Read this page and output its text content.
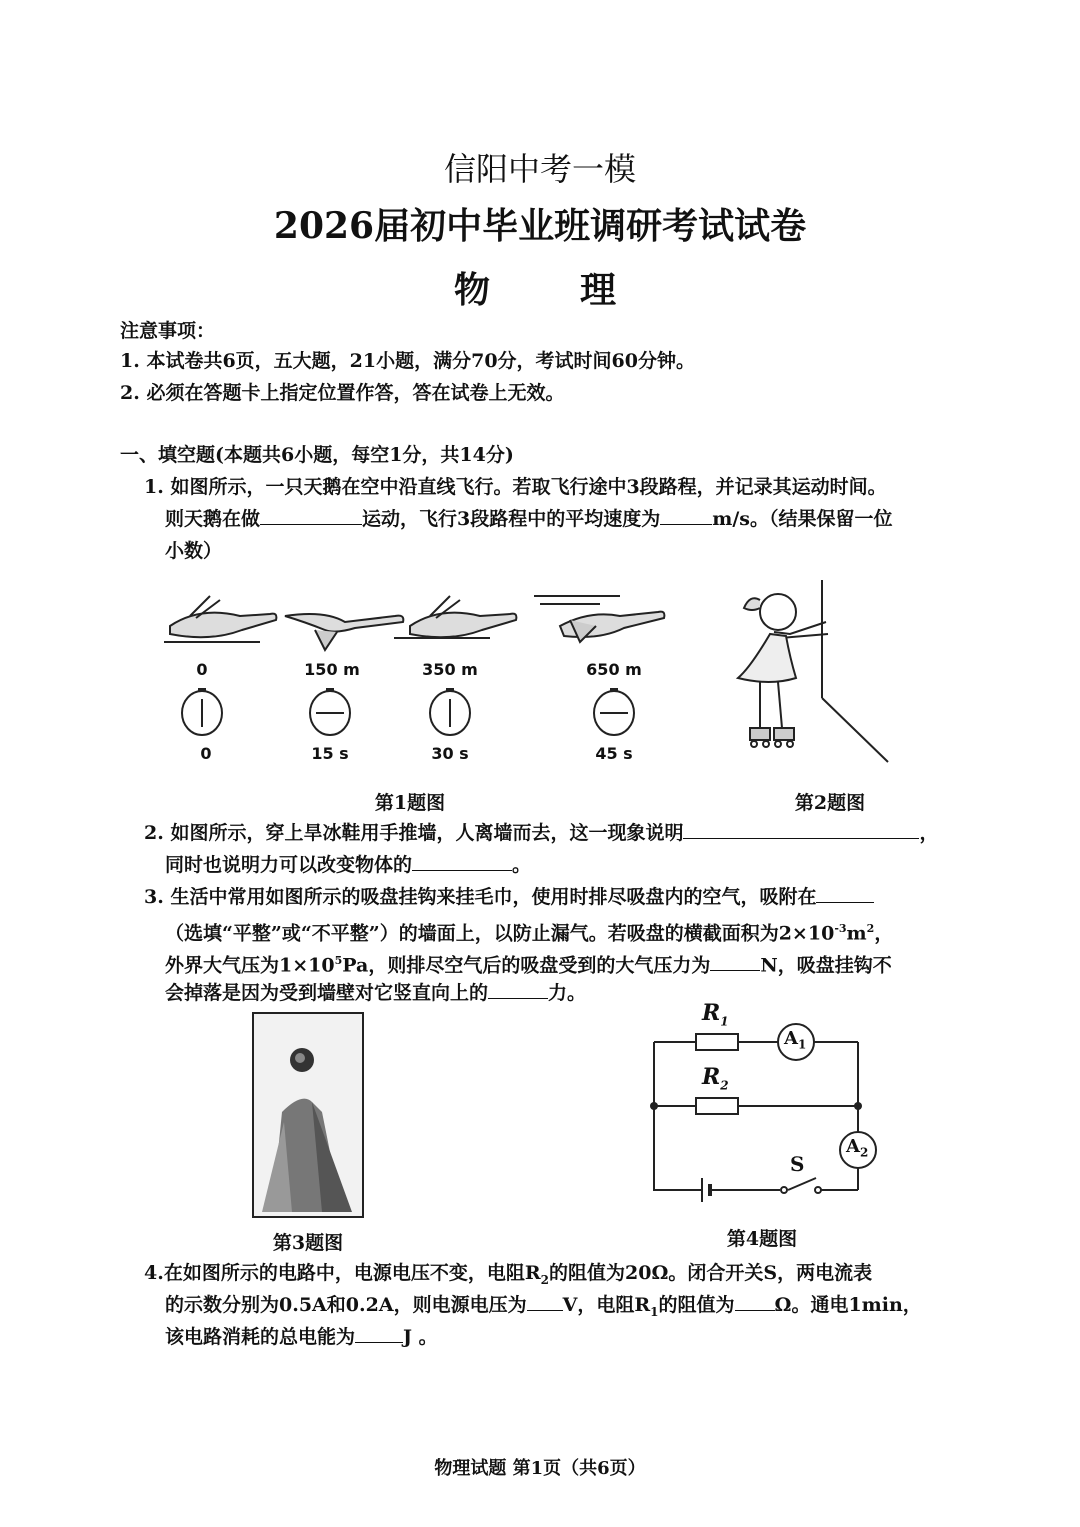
信阳中考一模
2026届初中毕业班调研考试试卷
物 理
注意事项：
1. 本试卷共6页，五大题，21小题，满分70分，考试时间60分钟。
2. 必须在答题卡上指定位置作答，答在试卷上无效。
一、填空题(本题共6小题，每空1分，共14分)
1. 如图所示，一只天鹅在空中沿直线飞行。若取飞行途中3段路程，并记录其运动时间。
则天鹅在做	运动，飞行3段路程中的平均速度为	m/s。（结果保留一位
小数）
0	150 m	350 m	650 m
0	15 s	30 s	45 s
第1题图	第2题图
2. 如图所示，穿上旱冰鞋用手推墙，人离墙而去，这一现象说明	，
同时也说明力可以改变物体的	。
3. 生活中常用如图所示的吸盘挂钩来挂毛巾，使用时排尽吸盘内的空气，吸附在
（选填“平整”或“不平整”）的墙面上，以防止漏气。若吸盘的横截面积为$2\times 10^{-3}m^2$，
外界大气压为$1\times 10^5Pa$，则排尽空气后的吸盘受到的大气压力为	N，吸盘挂钩不
会掉落是因为受到墙壁对它竖直向上的	力。
第3题图
$R_1$
$R_2$
$A_1$
$A_2$
S
第4题图
4.在如图所示的电路中，电源电压不变，电阻$R_2$的阻值为20Ω。闭合开关S，两电流表
的示数分别为0.5A和0.2A，则电源电压为 V，电阻$R_1$的阻值为 Ω。通电1min，
该电路消耗的总电能为	J 。
物理试题 第1页（共6页）
